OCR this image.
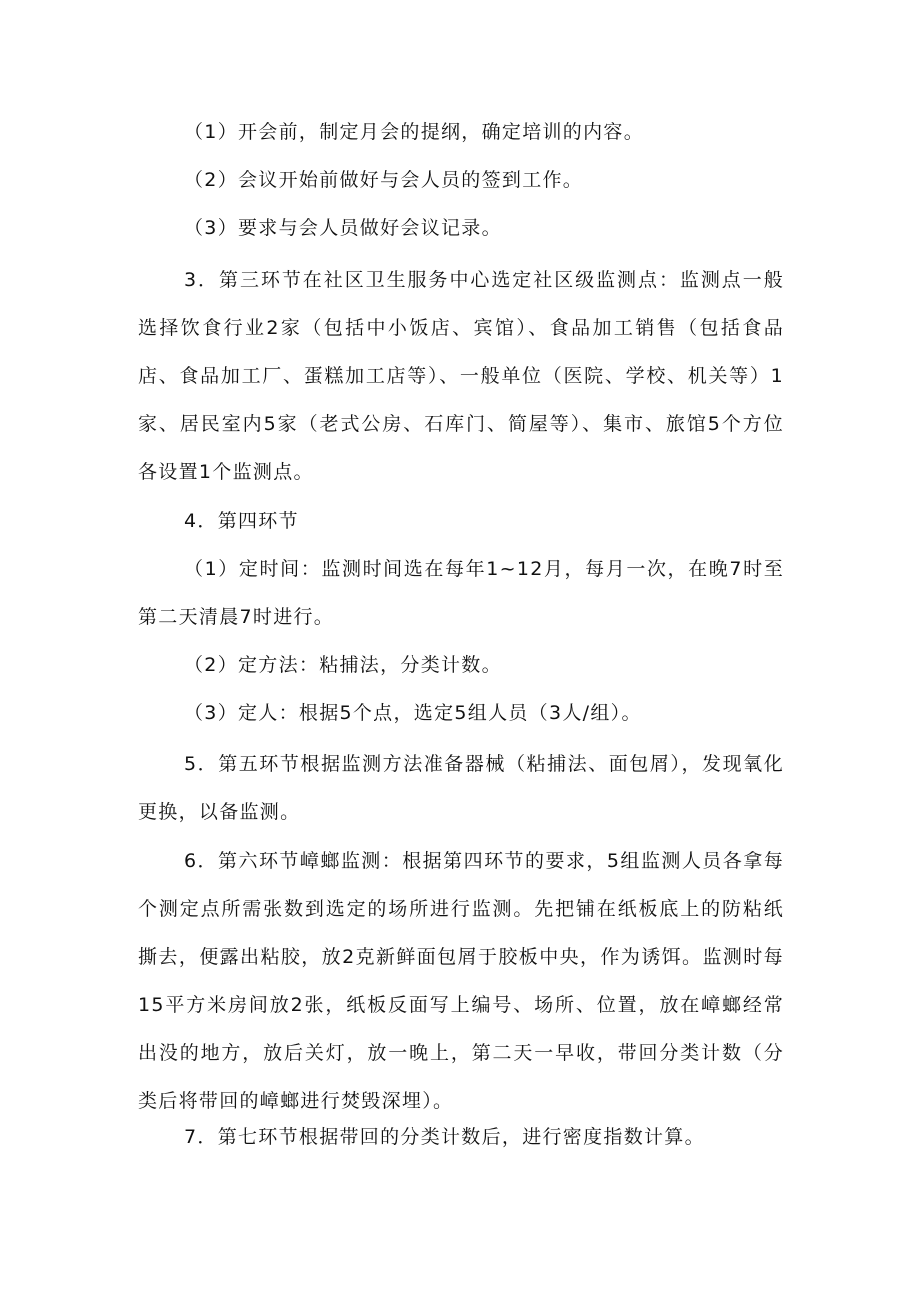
（1）开会前，制定月会的提纲，确定培训的内容。

（2）会议开始前做好与会人员的签到工作。

（3）要求与会人员做好会议记录。

3．第三环节在社区卫生服务中心选定社区级监测点：监测点一般选择饮食行业2家（包括中小饭店、宾馆）、食品加工销售（包括食品店、食品加工厂、蛋糕加工店等）、一般单位（医院、学校、机关等）1家、居民室内5家（老式公房、石库门、简屋等）、集市、旅馆5个方位各设置1个监测点。

4．第四环节

（1）定时间：监测时间选在每年1~12月，每月一次，在晚7时至第二天清晨7时进行。

（2）定方法：粘捕法，分类计数。

（3）定人：根据5个点，选定5组人员（3人/组）。

5．第五环节根据监测方法准备器械（粘捕法、面包屑），发现氧化更换，以备监测。

6．第六环节嶂螂监测：根据第四环节的要求，5组监测人员各拿每个测定点所需张数到选定的场所进行监测。先把铺在纸板底上的防粘纸撕去，便露出粘胶，放2克新鲜面包屑于胶板中央，作为诱饵。监测时每15平方米房间放2张，纸板反面写上编号、场所、位置，放在嶂螂经常出没的地方，放后关灯，放一晚上，第二天一早收，带回分类计数（分类后将带回的嶂螂进行焚毁深埋）。

7．第七环节根据带回的分类计数后，进行密度指数计算。
